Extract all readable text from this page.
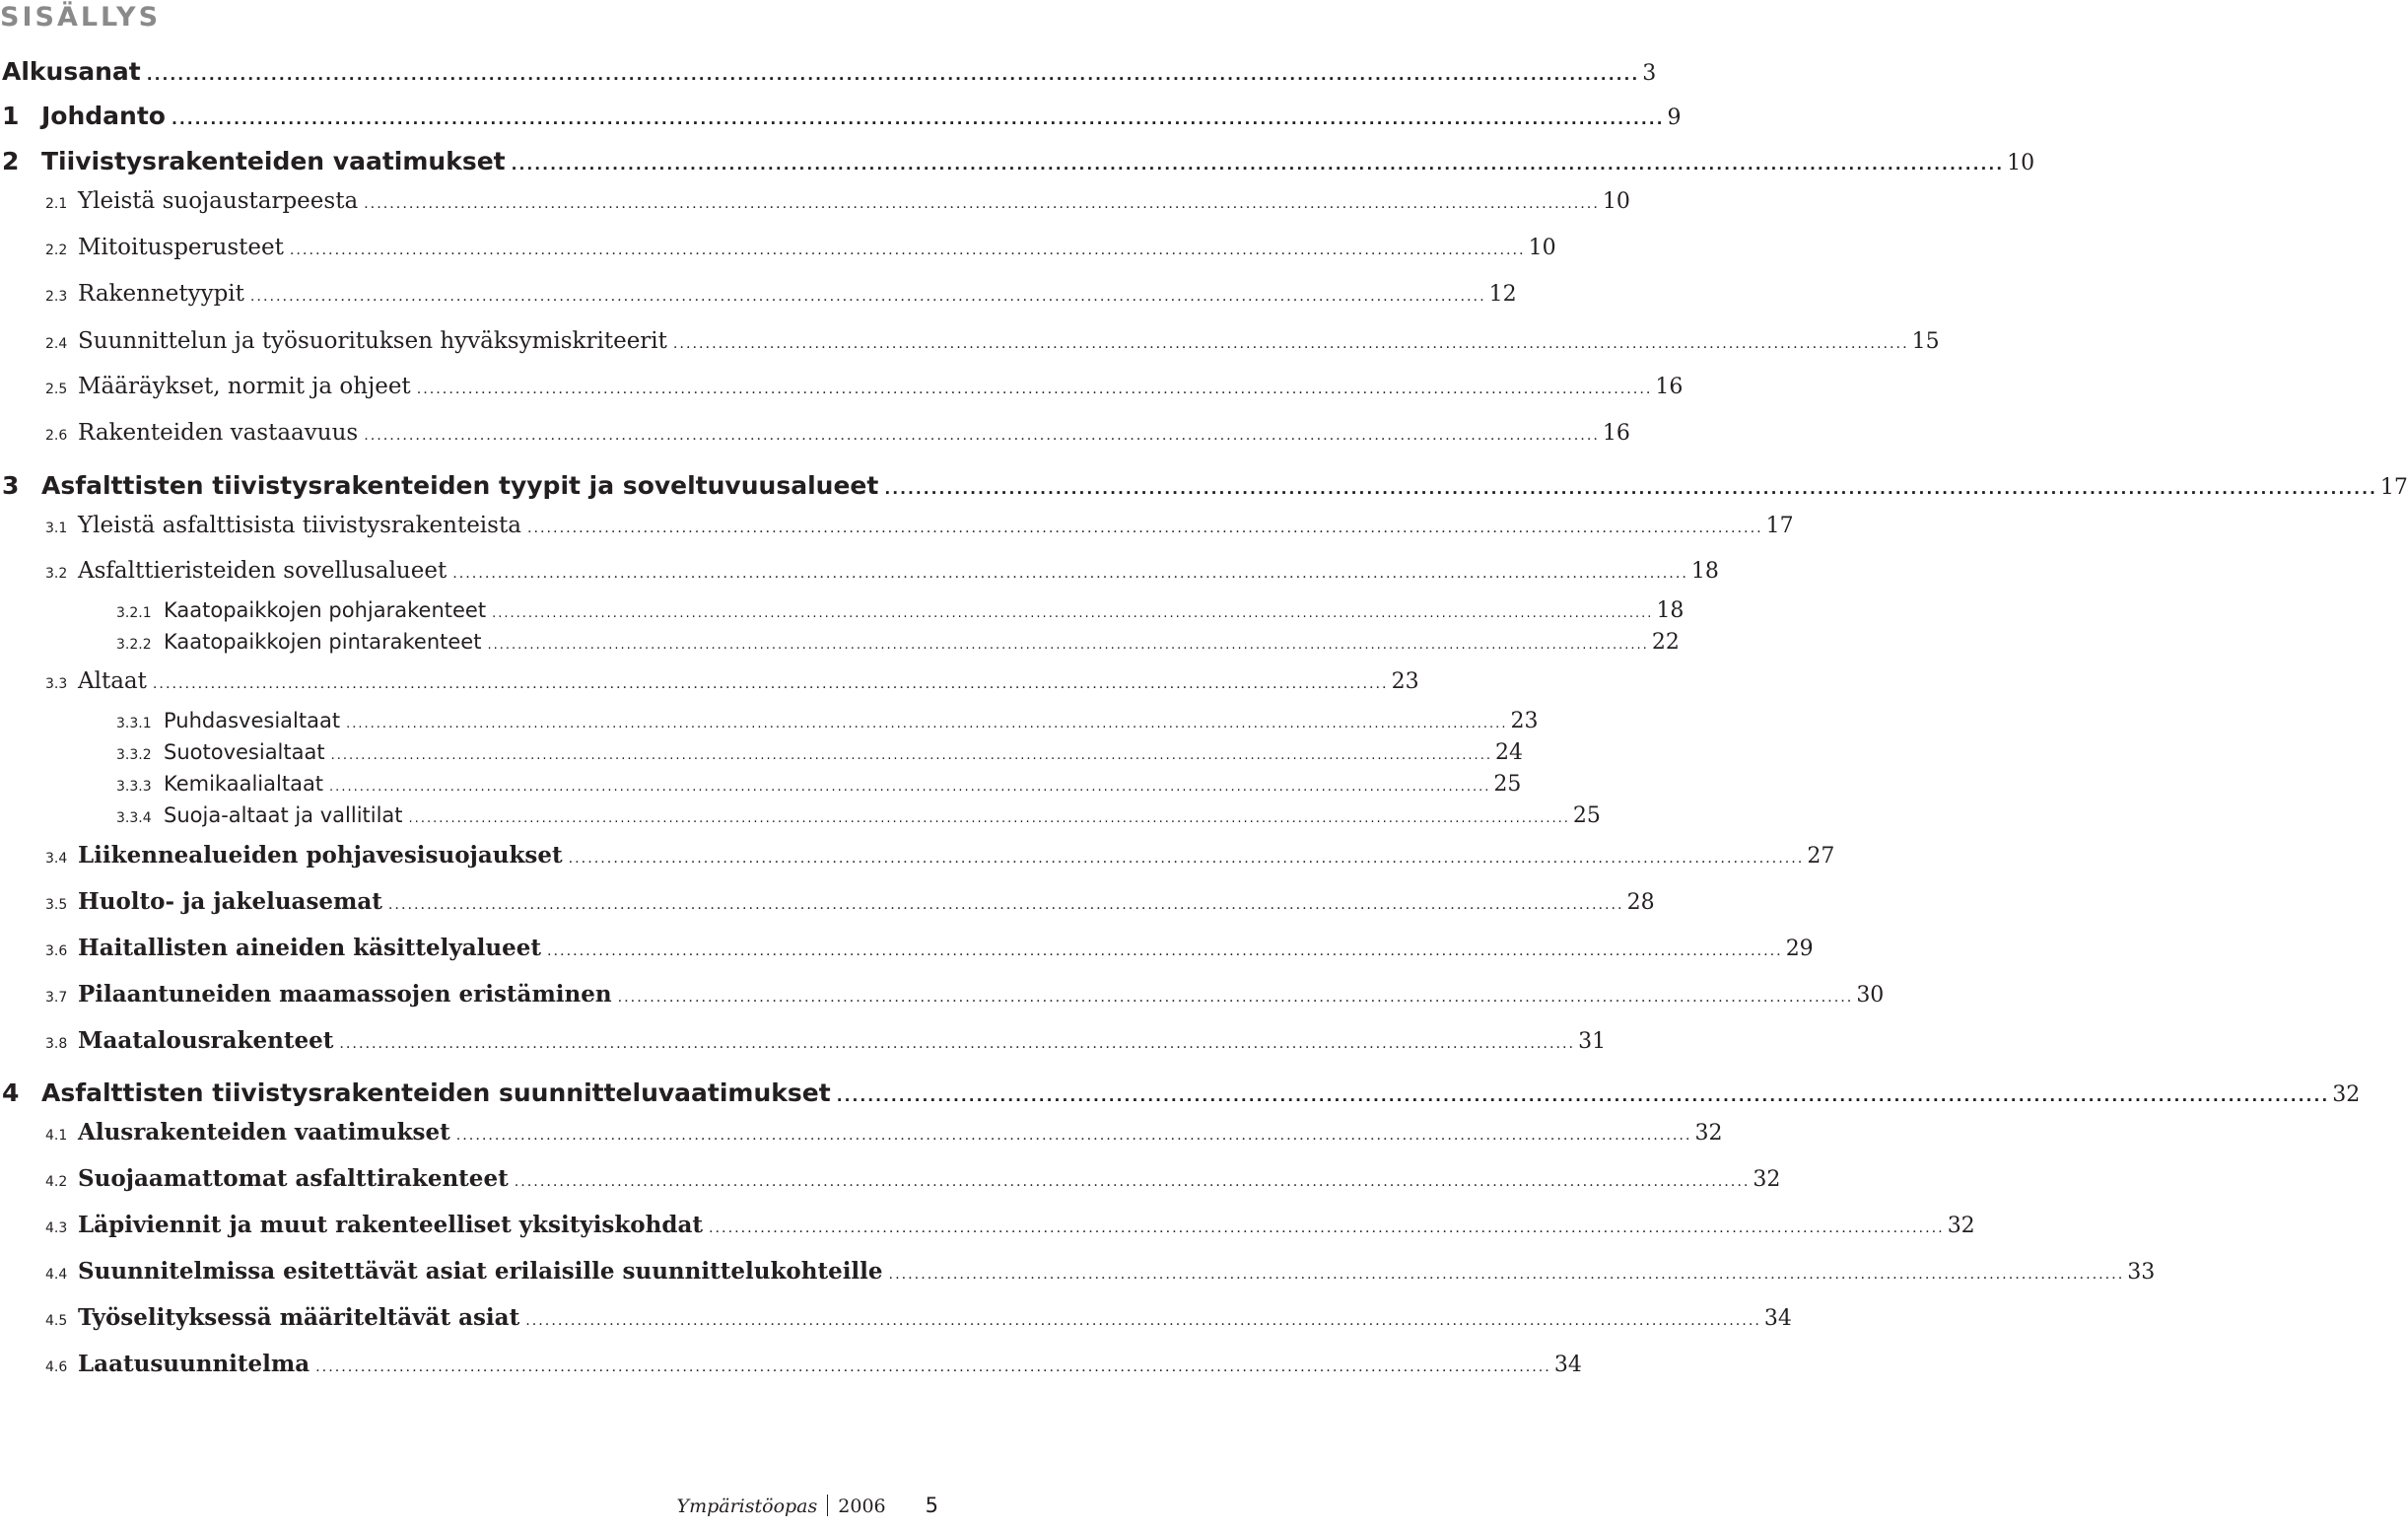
SISÄLLYS
Alkusanat ................................................................................................................................................................................................ 3
1 Johdanto ................................................................................................................................................................................................ 9
2 Tiivistysrakenteiden vaatimukset ................................................................................................................................................................................................ 10
2.1 Yleistä suojaustarpeesta ................................................................................................................................................................................................ 10
2.2 Mitoitusperusteet ................................................................................................................................................................................................ 10
2.3 Rakennetyypit ................................................................................................................................................................................................ 12
2.4 Suunnittelun ja työsuorituksen hyväksymiskriteerit ................................................................................................................................................................................................ 15
2.5 Määräykset, normit ja ohjeet ................................................................................................................................................................................................ 16
2.6 Rakenteiden vastaavuus ................................................................................................................................................................................................ 16
3 Asfalttisten tiivistysrakenteiden tyypit ja soveltuvuusalueet ................................................................................................................................................................................................ 17
3.1 Yleistä asfalttisista tiivistysrakenteista ................................................................................................................................................................................................ 17
3.2 Asfalttieristeiden sovellusalueet ................................................................................................................................................................................................ 18
3.2.1 Kaatopaikkojen pohjarakenteet ................................................................................................................................................................................................ 18
3.2.2 Kaatopaikkojen pintarakenteet ................................................................................................................................................................................................ 22
3.3 Altaat ................................................................................................................................................................................................ 23
3.3.1 Puhdasvesialtaat ................................................................................................................................................................................................ 23
3.3.2 Suotovesialtaat ................................................................................................................................................................................................ 24
3.3.3 Kemikaalialtaat ................................................................................................................................................................................................ 25
3.3.4 Suoja-altaat ja vallitilat ................................................................................................................................................................................................ 25
3.4 Liikennealueiden pohjavesisuojaukset ................................................................................................................................................................................................ 27
3.5 Huolto- ja jakeluasemat ................................................................................................................................................................................................ 28
3.6 Haitallisten aineiden käsittelyalueet ................................................................................................................................................................................................ 29
3.7 Pilaantuneiden maamassojen eristäminen ................................................................................................................................................................................................ 30
3.8 Maatalousrakenteet ................................................................................................................................................................................................ 31
4 Asfalttisten tiivistysrakenteiden suunnitteluvaatimukset ................................................................................................................................................................................................ 32
4.1 Alusrakenteiden vaatimukset ................................................................................................................................................................................................ 32
4.2 Suojaamattomat asfalttirakenteet ................................................................................................................................................................................................ 32
4.3 Läpiviennit ja muut rakenteelliset yksityiskohdat ................................................................................................................................................................................................ 32
4.4 Suunnitelmissa esitettävät asiat erilaisille suunnittelukohteille ................................................................................................................................................................................................ 33
4.5 Työselityksessä määriteltävät asiat ................................................................................................................................................................................................ 34
4.6 Laatusuunnitelma ................................................................................................................................................................................................ 34
Ympäristöopas 2006 5
